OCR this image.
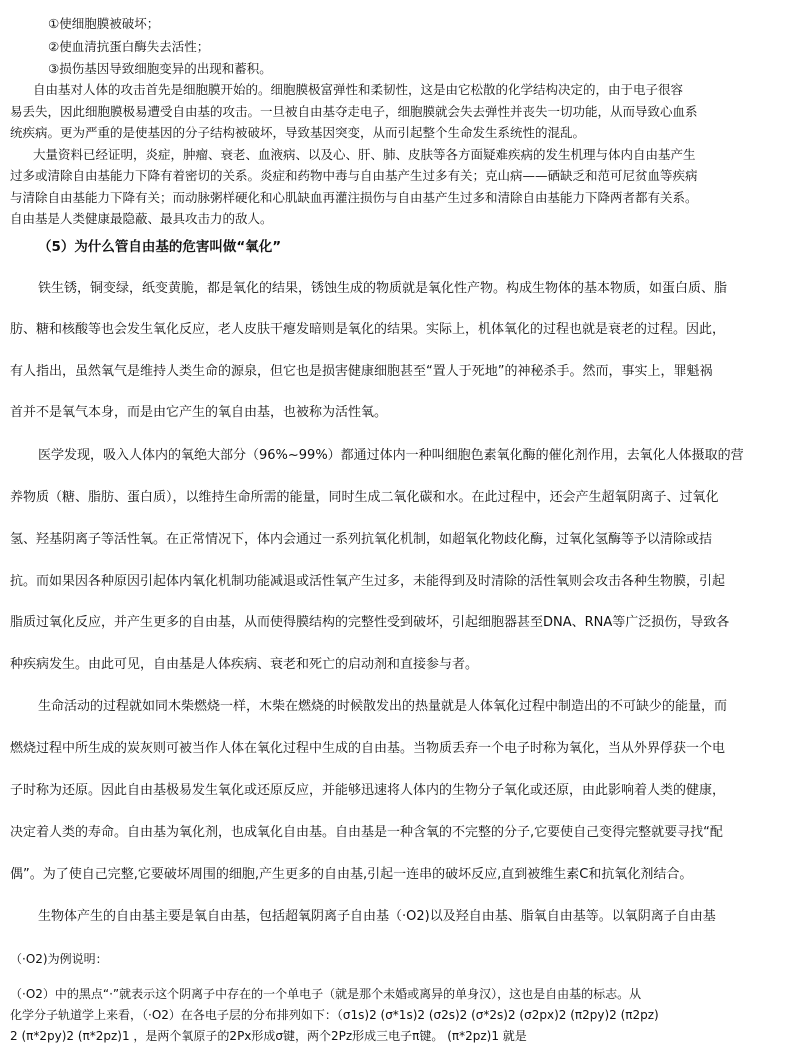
①使细胞膜被破坏；
②使血清抗蛋白酶失去活性；
③损伤基因导致细胞变异的出现和蓄积。
自由基对人体的攻击首先是细胞膜开始的。细胞膜极富弹性和柔韧性，这是由它松散的化学结构决定的，由于电子很容
易丢失，因此细胞膜极易遭受自由基的攻击。一旦被自由基夺走电子，细胞膜就会失去弹性并丧失一切功能，从而导致心血系
统疾病。更为严重的是使基因的分子结构被破坏，导致基因突变，从而引起整个生命发生系统性的混乱。
大量资料已经证明，炎症，肿瘤、衰老、血液病、以及心、肝、肺、皮肤等各方面疑难疾病的发生机理与体内自由基产生
过多或清除自由基能力下降有着密切的关系。炎症和药物中毒与自由基产生过多有关；克山病——硒缺乏和范可尼贫血等疾病
与清除自由基能力下降有关；而动脉粥样硬化和心肌缺血再灌注损伤与自由基产生过多和清除自由基能力下降两者都有关系。
自由基是人类健康最隐蔽、最具攻击力的敌人。
（5）为什么管自由基的危害叫做“氧化”
铁生锈，铜变绿，纸变黄脆，都是氧化的结果，锈蚀生成的物质就是氧化性产物。构成生物体的基本物质，如蛋白质、脂
肪、糖和核酸等也会发生氧化反应，老人皮肤干瘪发暗则是氧化的结果。实际上，机体氧化的过程也就是衰老的过程。因此，
有人指出，虽然氧气是维持人类生命的源泉，但它也是损害健康细胞甚至“置人于死地”的神秘杀手。然而，事实上，罪魁祸
首并不是氧气本身，而是由它产生的氧自由基，也被称为活性氧。
医学发现，吸入人体内的氧绝大部分（96%~99%）都通过体内一种叫细胞色素氧化酶的催化剂作用，去氧化人体摄取的营
养物质（糖、脂肪、蛋白质），以维持生命所需的能量，同时生成二氧化碳和水。在此过程中，还会产生超氧阴离子、过氧化
氢、羟基阴离子等活性氧。在正常情况下，体内会通过一系列抗氧化机制，如超氧化物歧化酶，过氧化氢酶等予以清除或拮
抗。而如果因各种原因引起体内氧化机制功能减退或活性氧产生过多，未能得到及时清除的活性氧则会攻击各种生物膜，引起
脂质过氧化反应，并产生更多的自由基，从而使得膜结构的完整性受到破坏，引起细胞器甚至DNA、RNA等广泛损伤，导致各
种疾病发生。由此可见，自由基是人体疾病、衰老和死亡的启动剂和直接参与者。
生命活动的过程就如同木柴燃烧一样，木柴在燃烧的时候散发出的热量就是人体氧化过程中制造出的不可缺少的能量，而
燃烧过程中所生成的炭灰则可被当作人体在氧化过程中生成的自由基。当物质丢弃一个电子时称为氧化，当从外界俘获一个电
子时称为还原。因此自由基极易发生氧化或还原反应，并能够迅速将人体内的生物分子氧化或还原，由此影响着人类的健康，
决定着人类的寿命。自由基为氧化剂，也成氧化自由基。自由基是一种含氧的不完整的分子,它要使自己变得完整就要寻找“配
偶”。为了使自己完整,它要破坏周围的细胞,产生更多的自由基,引起一连串的破坏反应,直到被维生素C和抗氧化剂结合。
生物体产生的自由基主要是氧自由基，包括超氧阴离子自由基（·O2)以及羟自由基、脂氧自由基等。以氧阴离子自由基
（·O2)为例说明：
（·O2）中的黑点“·”就表示这个阴离子中存在的一个单电子（就是那个未婚或离异的单身汉），这也是自由基的标志。从
化学分子轨道学上来看，（·O2）在各电子层的分布排列如下：（σ1s)2 (σ*1s)2 (σ2s)2 (σ*2s)2 (σ2px)2 (π2py)2 (π2pz)
2 (π*2py)2 (π*2pz)1 ，是两个氧原子的2Px形成σ键，两个2Pz形成三电子π键。 (π*2pz)1 就是
